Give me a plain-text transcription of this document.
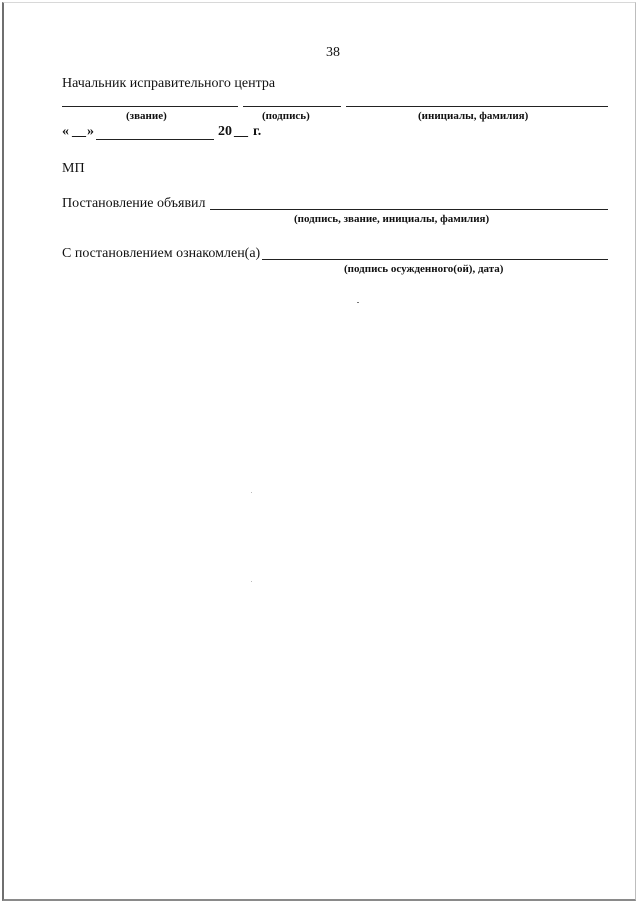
38
Начальник исправительного центра
(звание)	(подпись)	(инициалы, фамилия)
« __ »	20 __ г.
МП
Постановление объявил
(подпись, звание, инициалы, фамилия)
С постановлением ознакомлен(а)
(подпись осужденного(ой), дата)
